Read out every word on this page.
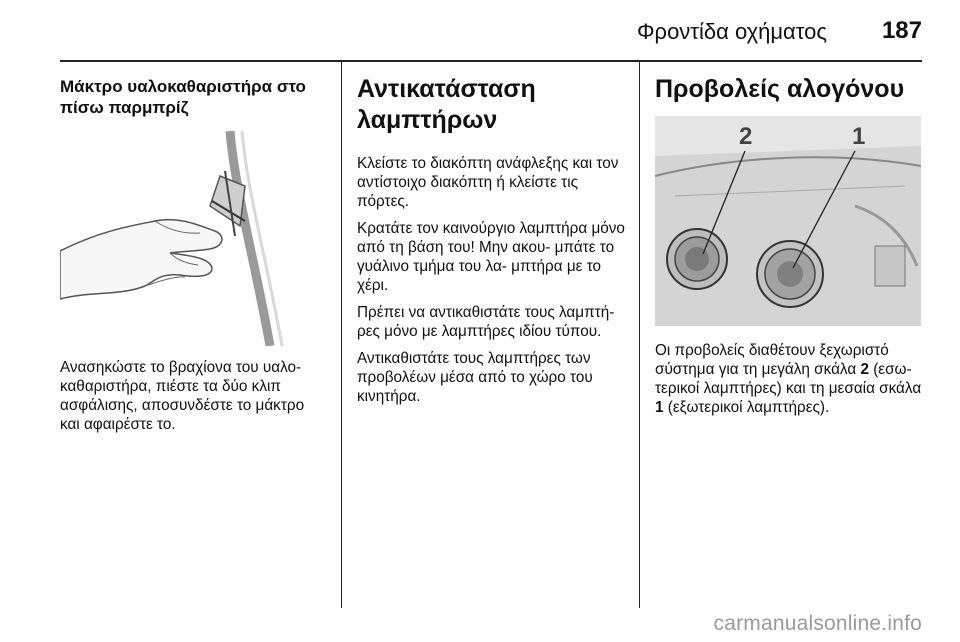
Φροντίδα οχήματος 187
Μάκτρο υαλοκαθαριστήρα στο πίσω παρμπρίζ

Ανασηκώστε το βραχίονα του υαλο- καθαριστήρα, πιέστε τα δύο κλιπ ασφάλισης, αποσυνδέστε το μάκτρο και αφαιρέστε το.

Αντικατάσταση λαμπτήρων

Κλείστε το διακόπτη ανάφλεξης και τον αντίστοιχο διακόπτη ή κλείστε τις πόρτες.

Κρατάτε τον καινούργιο λαμπτήρα μόνο από τη βάση του! Μην ακου- μπάτε το γυάλινο τμήμα του λα- μπτήρα με το χέρι.

Πρέπει να αντικαθιστάτε τους λαμπτή- ρες μόνο με λαμπτήρες ιδίου τύπου.

Αντικαθιστάτε τους λαμπτήρες των προβολέων μέσα από το χώρο του κινητήρα.

Προβολείς αλογόνου
2	1

Οι προβολείς διαθέτουν ξεχωριστό σύστημα για τη μεγάλη σκάλα 2 (εσω- τερικοί λαμπτήρες) και τη μεσαία σκάλα 1 (εξωτερικοί λαμπτήρες).

carmanualsonline.info
